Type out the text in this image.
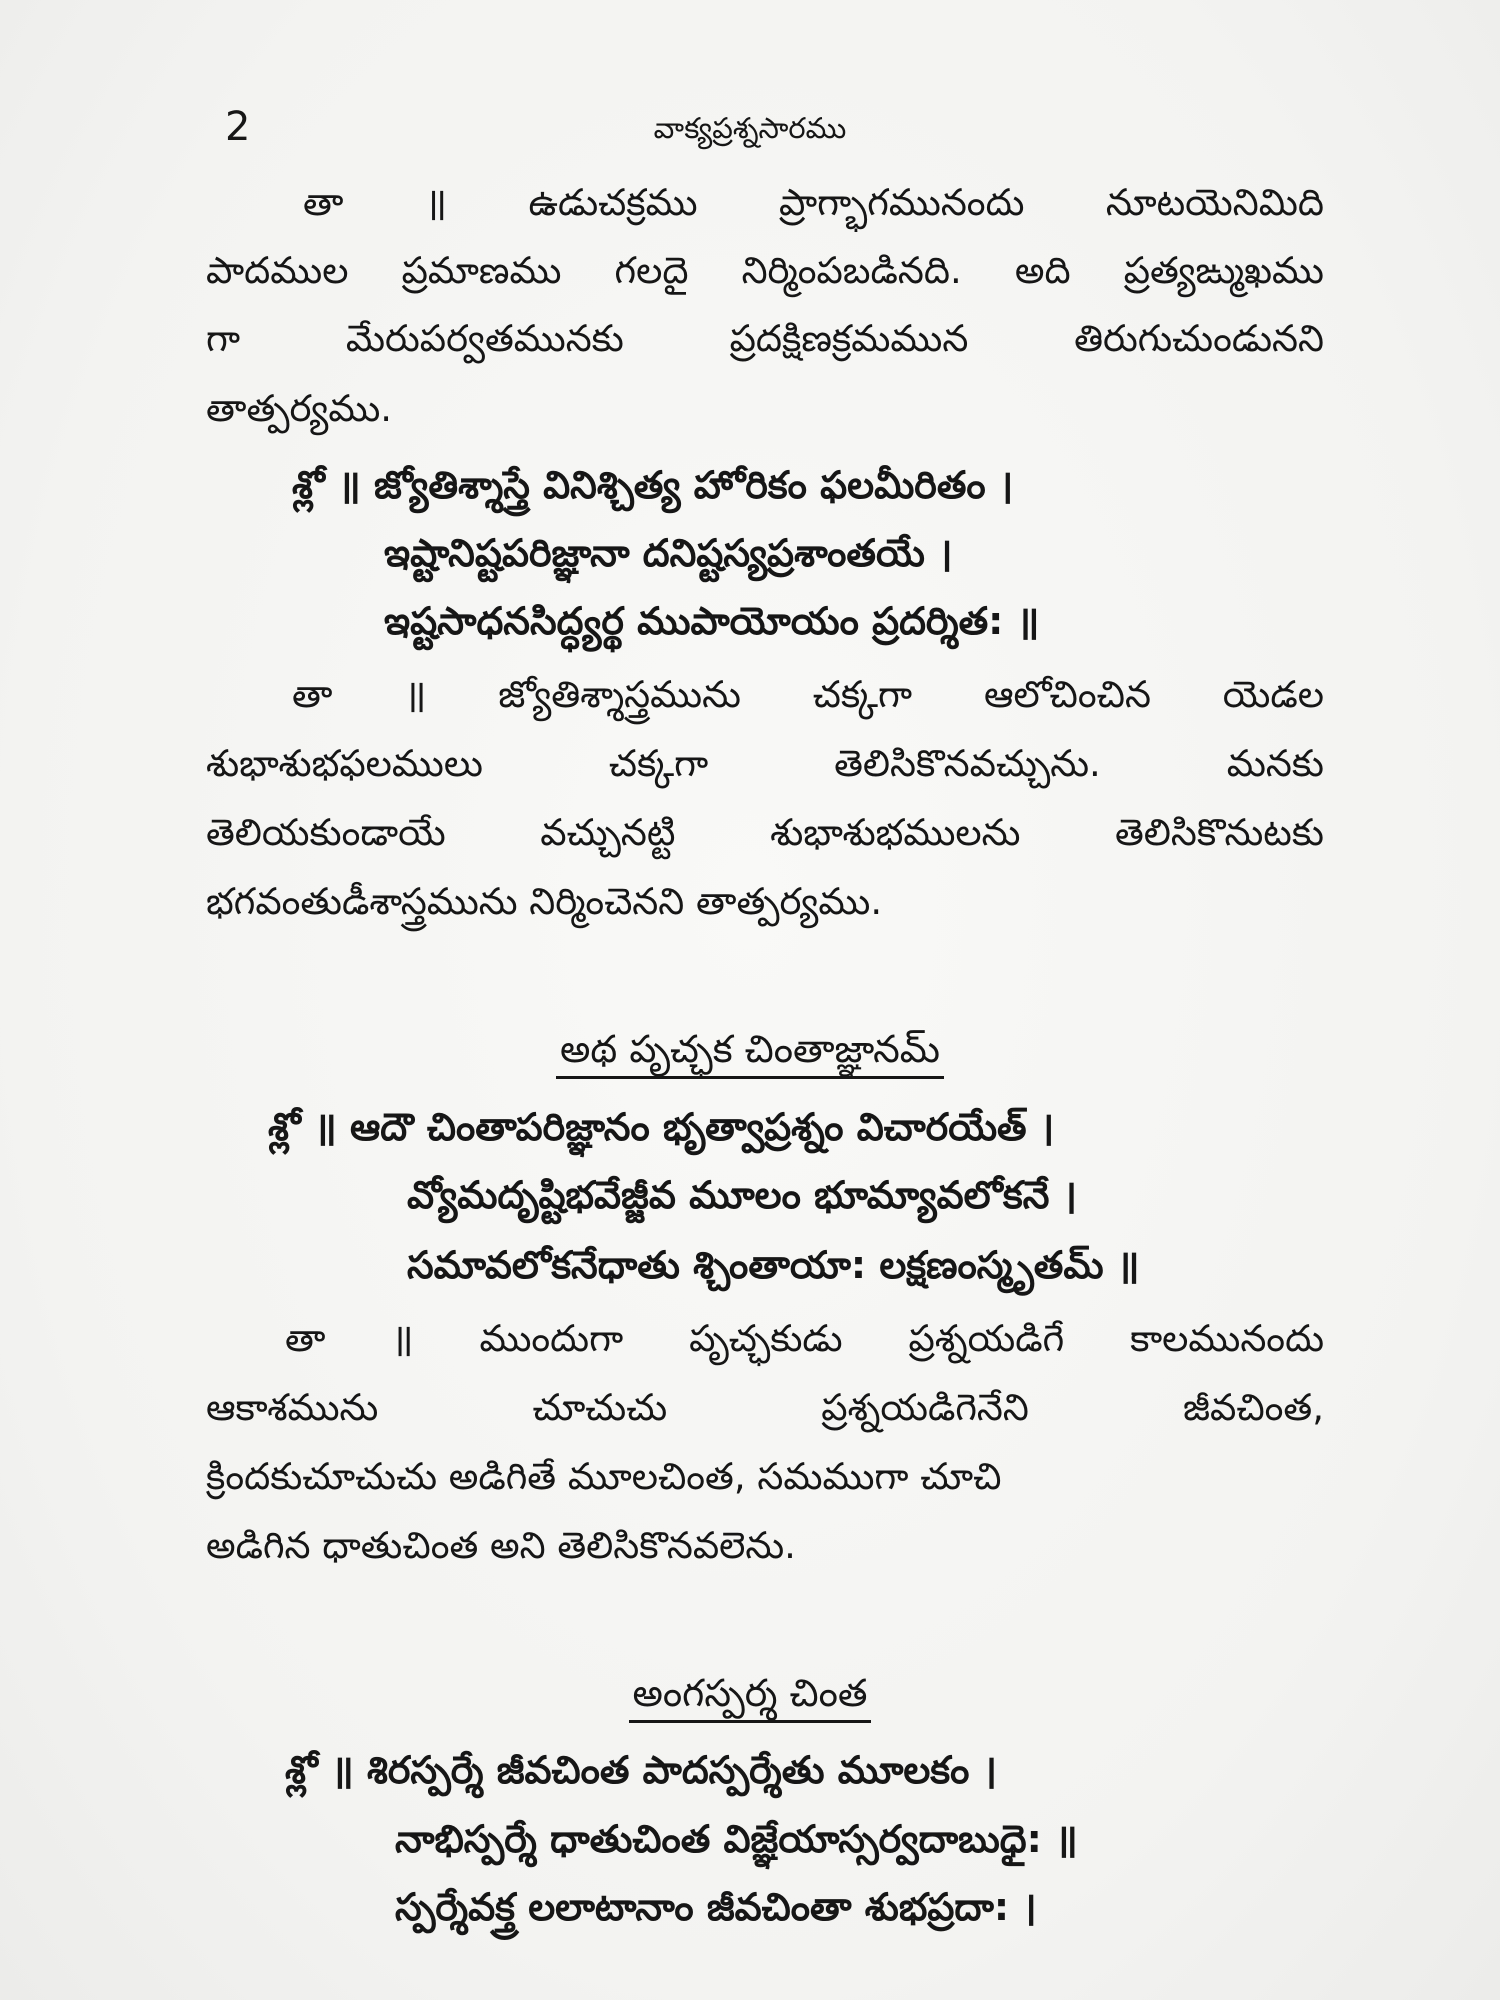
2	వాక్యప్రశ్నసారము
తా ॥ ఉడుచక్రము ప్రాగ్భాగమునందు నూటయెనిమిది
పాదముల ప్రమాణము గలదై నిర్మింపబడినది. అది ప్రత్యఙ్ముఖము
గా మేరుపర్వతమునకు ప్రదక్షిణక్రమమున తిరుగుచుండునని
తాత్పర్యము.
శ్లో ॥ జ్యోతిశ్శాస్త్రే వినిశ్చిత్య హోరికం ఫలమీరితం ।
ఇష్టానిష్టపరిజ్ఞానా దనిష్టస్యప్రశాంతయే ।
ఇష్టసాధనసిద్ధ్యర్థ ముపాయోయం ప్రదర్శిత: ॥
తా ॥ జ్యోతిశ్శాస్త్రమును చక్కగా ఆలోచించిన యెడల
శుభాశుభఫలములు చక్కగా తెలిసికొనవచ్చును. మనకు
తెలియకుండాయే వచ్చునట్టి శుభాశుభములను తెలిసికొనుటకు
భగవంతుడీశాస్త్రమును నిర్మించెనని తాత్పర్యము.
అథ పృచ్ఛక చింతాజ్ఞానమ్
శ్లో ॥ ఆదౌ చింతాపరిజ్ఞానం భృత్వాప్రశ్నం విచారయేత్ ।
వ్యోమదృష్టిభవేజ్జీవ మూలం భూమ్యావలోకనే ।
సమావలోకనేధాతు శ్చింతాయా: లక్షణంస్మృతమ్ ॥
తా ॥ ముందుగా పృచ్ఛకుడు ప్రశ్నయడిగే కాలమునందు
ఆకాశమును చూచుచు ప్రశ్నయడిగెనేని జీవచింత,
క్రిందకుచూచుచు అడిగితే మూలచింత, సమముగా చూచి
అడిగిన ధాతుచింత అని తెలిసికొనవలెను.
అంగస్పర్శ చింత
శ్లో ॥ శిరస్పర్శే జీవచింత పాదస్పర్శేతు మూలకం ।
నాభిస్పర్శే ధాతుచింత విజ్ఞేయాస్సర్వదాబుధై: ॥
స్పర్శేవక్త్ర లలాటానాం జీవచింతా శుభప్రదా: ।
